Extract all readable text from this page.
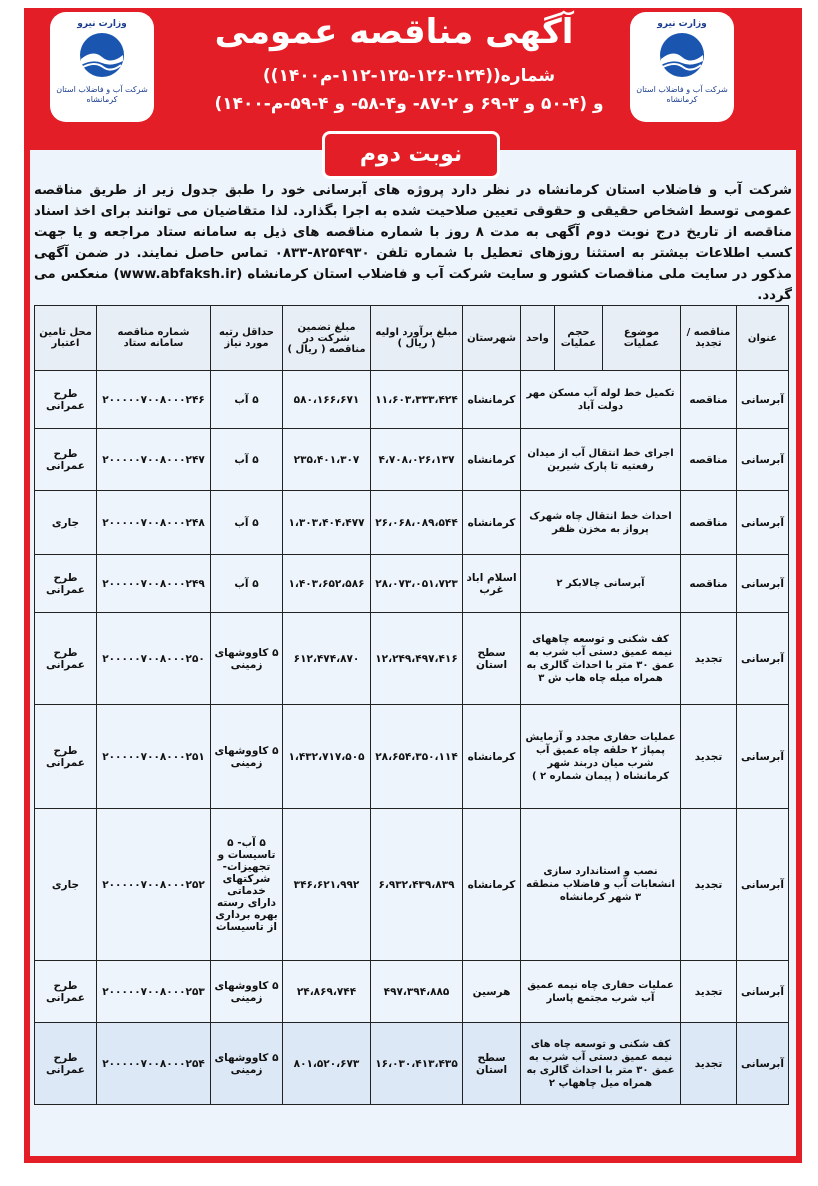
وزارت نیرو
شرکت آب و فاضلاب استان کرمانشاه
وزارت نیرو
شرکت آب و فاضلاب استان کرمانشاه
آگهی مناقصه عمومی
شماره((۱۲۴-۱۲۶-۱۲۵-۱۱۲-م۱۴۰۰))
و (۴-۵۰ و ۳-۶۹ و ۲-۸۷- و۴-۵۸- و ۴-۵۹-م-۱۴۰۰)
نوبت دوم
شرکت آب و فاضلاب استان کرمانشاه در نظر دارد پروژه های آبرسانی خود را طبق جدول زیر از طریق مناقصه عمومی توسط اشخاص حقیقی و حقوقی تعیین صلاحیت شده به اجرا بگذارد. لذا متقاضیان می توانند برای اخذ اسناد مناقصه از تاریخ درج نوبت دوم آگهی به مدت ۸ روز با شماره مناقصه های ذیل به سامانه ستاد مراجعه و یا جهت کسب اطلاعات بیشتر به استثنا روزهای تعطیل با شماره تلفن ۸۲۵۴۹۳۰-۰۸۳۳ تماس حاصل نمایند. در ضمن آگهی مذکور در سایت ملی مناقصات کشور و سایت شرکت آب و فاضلاب استان کرمانشاه (www.abfaksh.ir) منعکس می گردد.
عنوان	مناقصه / تجدید	موضوع عملیات	حجم عملیات	واحد	شهرستان	مبلغ برآورد اولیه ( ریال )	مبلغ تضمین شرکت در مناقصه ( ریال )	حداقل رتبه مورد نیاز	شماره مناقصه سامانه ستاد	محل تامین اعتبار
آبرسانی	مناقصه	تکمیل خط لوله آب مسکن مهر دولت آباد			کرمانشاه	۱۱،۶۰۳،۳۳۳،۴۲۴	۵۸۰،۱۶۶،۶۷۱	۵ آب	۲۰۰۰۰۰۷۰۰۸۰۰۰۲۴۶	طرح عمرانی
آبرسانی	مناقصه	اجرای خط انتقال آب از میدان رفعتیه تا پارک شیرین			کرمانشاه	۴،۷۰۸،۰۲۶،۱۳۷	۲۳۵،۴۰۱،۳۰۷	۵ آب	۲۰۰۰۰۰۷۰۰۸۰۰۰۲۴۷	طرح عمرانی
آبرسانی	مناقصه	احداث خط انتقال چاه شهرک پرواز به مخزن ظفر			کرمانشاه	۲۶،۰۶۸،۰۸۹،۵۴۴	۱،۳۰۳،۴۰۴،۴۷۷	۵ آب	۲۰۰۰۰۰۷۰۰۸۰۰۰۲۴۸	جاری
آبرسانی	مناقصه	آبرسانی چالابکر ۲			اسلام اباد غرب	۲۸،۰۷۳،۰۵۱،۷۲۳	۱،۴۰۳،۶۵۲،۵۸۶	۵ آب	۲۰۰۰۰۰۷۰۰۸۰۰۰۲۴۹	طرح عمرانی
آبرسانی	تجدید	کف شکنی و توسعه چاههای نیمه عمیق دستی آب شرب به عمق ۳۰ متر با احداث گالری به همراه میله چاه هاب ش ۳			سطح استان	۱۲،۲۴۹،۴۹۷،۴۱۶	۶۱۲،۴۷۴،۸۷۰	۵ کاووشهای زمینی	۲۰۰۰۰۰۷۰۰۸۰۰۰۲۵۰	طرح عمرانی
آبرسانی	تجدید	عملیات حفاری مجدد و آزمایش پمپاژ ۲ حلقه چاه عمیق آب شرب میان دربند شهر کرمانشاه ( پیمان شماره ۲ )			کرمانشاه	۲۸،۶۵۴،۳۵۰،۱۱۴	۱،۴۳۲،۷۱۷،۵۰۵	۵ کاووشهای زمینی	۲۰۰۰۰۰۷۰۰۸۰۰۰۲۵۱	طرح عمرانی
آبرسانی	تجدید	نصب و استاندارد سازی انشعابات آب و فاضلاب منطقه ۳ شهر کرمانشاه			کرمانشاه	۶،۹۳۲،۴۳۹،۸۳۹	۳۴۶،۶۲۱،۹۹۲	۵ آب- ۵ تاسیسات و تجهیزات- شرکتهای خدماتی دارای رسته بهره برداری از تاسیسات	۲۰۰۰۰۰۷۰۰۸۰۰۰۲۵۲	جاری
آبرسانی	تجدید	عملیات حفاری چاه نیمه عمیق آب شرب مجتمع پاسار			هرسین	۴۹۷،۳۹۴،۸۸۵	۲۴،۸۶۹،۷۴۴	۵ کاووشهای زمینی	۲۰۰۰۰۰۷۰۰۸۰۰۰۲۵۳	طرح عمرانی
آبرسانی	تجدید	کف شکنی و توسعه چاه های نیمه عمیق دستی آب شرب به عمق ۳۰ متر با احداث گالری به همراه میل چاههاپ ۲			سطح استان	۱۶،۰۳۰،۴۱۳،۴۳۵	۸۰۱،۵۲۰،۶۷۳	۵ کاووشهای زمینی	۲۰۰۰۰۰۷۰۰۸۰۰۰۲۵۴	طرح عمرانی
